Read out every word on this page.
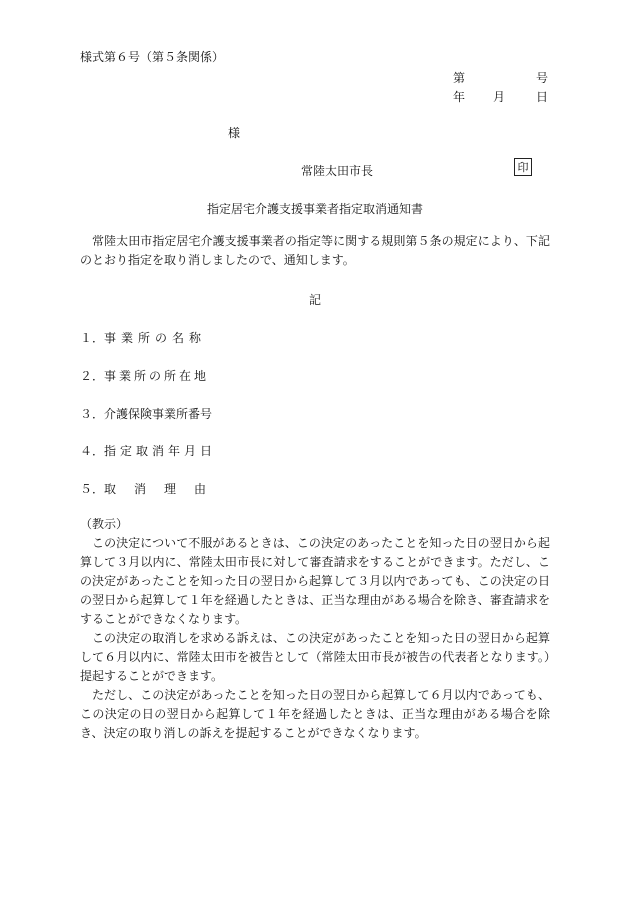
様式第６号（第５条関係）
第	号
年 月	日
様
常陸太田市長	印
指定居宅介護支援事業者指定取消通知書
　常陸太田市指定居宅介護支援事業者の指定等に関する規則第５条の規定により、下記のとおり指定を取り消しましたので、通知します。
記
１．事業所の名称
２．事業所の所在地
３．介護保険事業所番号
４．指定取消年月日
５．取　消　理　由
（教示）

この決定について不服があるときは、この決定のあったことを知った日の翌日から起算して３月以内に、常陸太田市長に対して審査請求をすることができます。ただし、この決定があったことを知った日の翌日から起算して３月以内であっても、この決定の日の翌日から起算して１年を経過したときは、正当な理由がある場合を除き、審査請求をすることができなくなります。

この決定の取消しを求める訴えは、この決定があったことを知った日の翌日から起算して６月以内に、常陸太田市を被告として（常陸太田市長が被告の代表者となります。）提起することができます。

ただし、この決定があったことを知った日の翌日から起算して６月以内であっても、この決定の日の翌日から起算して１年を経過したときは、正当な理由がある場合を除き、決定の取り消しの訴えを提起することができなくなります。
